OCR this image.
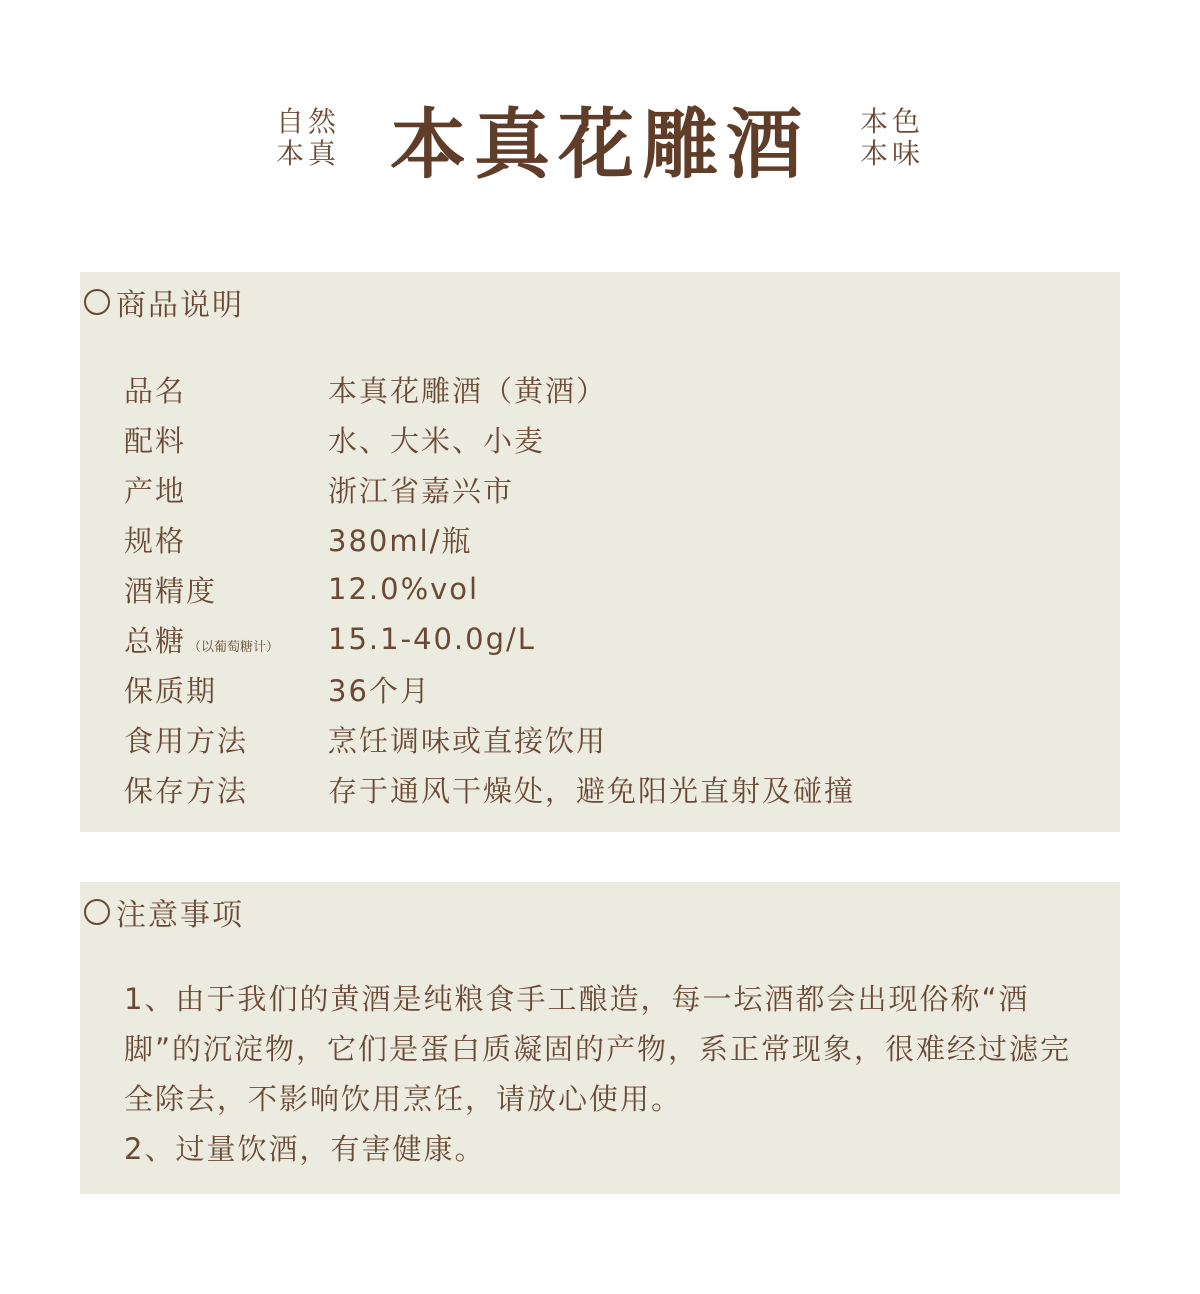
自然
本真 本真花雕酒 本色
本味
商品说明
品名	本真花雕酒（黄酒）
配料	水、大米、小麦
产地	浙江省嘉兴市
规格	380ml/瓶
酒精度	12.0%vol
总糖 （以葡萄糖计）	15.1-40.0g/L
保质期	36个月
食用方法	烹饪调味或直接饮用
保存方法	存于通风干燥处，避免阳光直射及碰撞
注意事项

1、由于我们的黄酒是纯粮食手工酿造，每一坛酒都会出现俗称“酒脚”的沉淀物，它们是蛋白质凝固的产物，系正常现象，很难经过滤完全除去，不影响饮用烹饪，请放心使用。

2、过量饮酒，有害健康。
